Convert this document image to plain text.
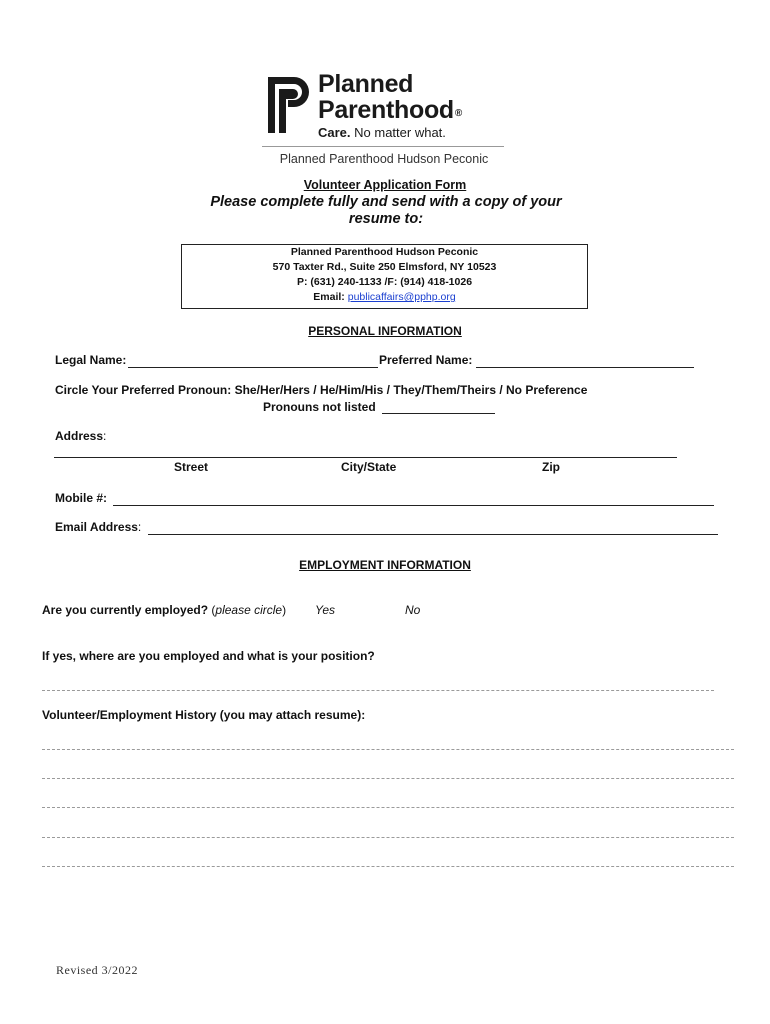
Planned
Parenthood®
Care. No matter what.
Planned Parenthood Hudson Peconic
Volunteer Application Form
Please complete fully and send with a copy of your resume to:
Planned Parenthood Hudson Peconic
570 Taxter Rd., Suite 250 Elmsford, NY 10523
P: (631) 240-1133 /F: (914) 418-1026
Email: publicaffairs@pphp.org
PERSONAL INFORMATION
Legal Name:	Preferred Name:
Circle Your Preferred Pronoun: She/Her/Hers / He/Him/His / They/Them/Theirs / No Preference
Pronouns not listed
Address:
Street	City/State	Zip
Mobile #:
Email Address:
EMPLOYMENT INFORMATION
Are you currently employed? (please circle) Yes	No
If yes, where are you employed and what is your position?
Volunteer/Employment History (you may attach resume):
Revised 3/2022
